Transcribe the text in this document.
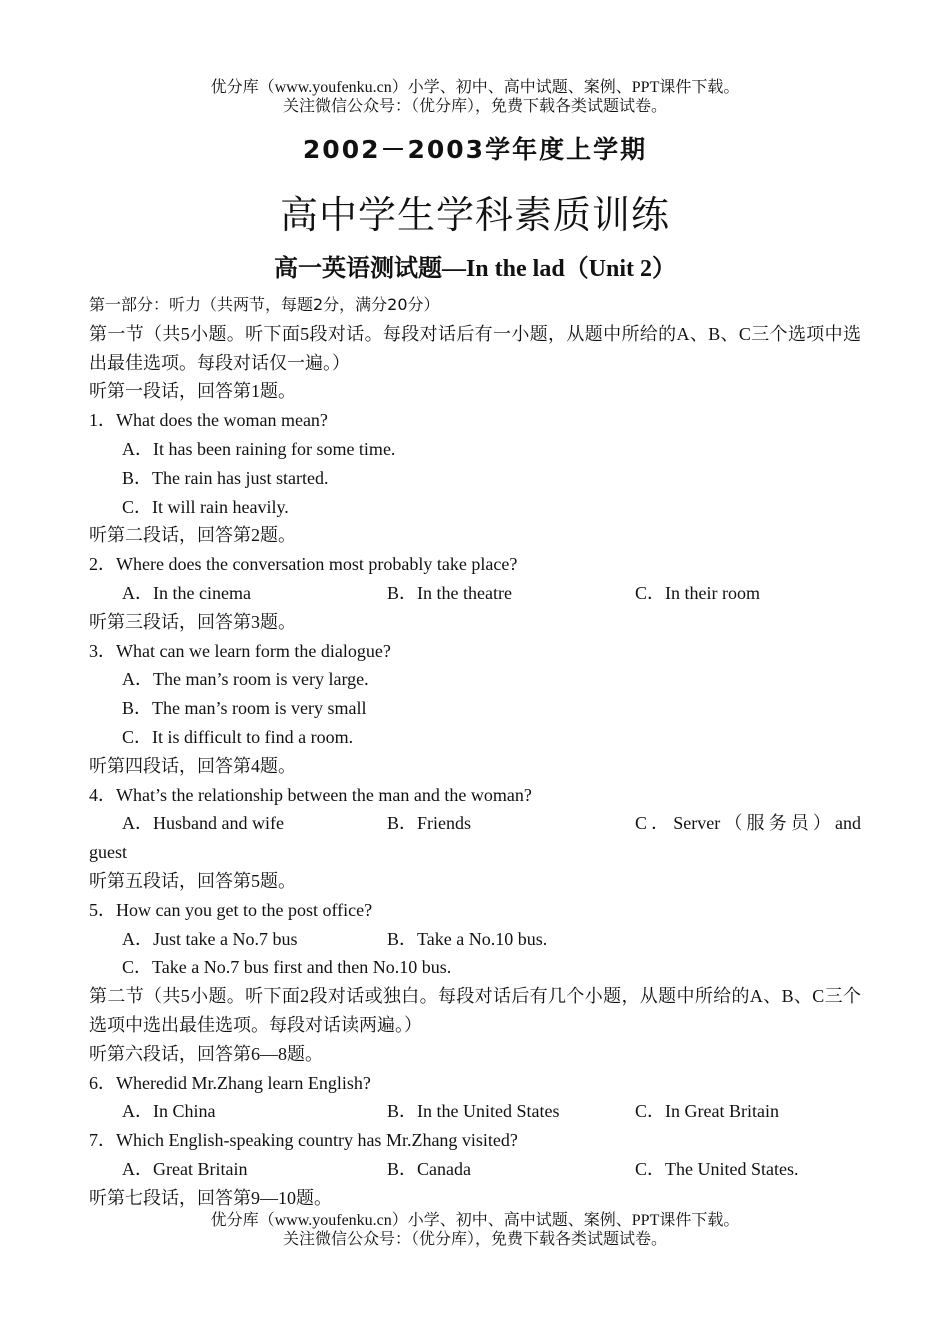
优分库（www.youfenku.cn）小学、初中、高中试题、案例、PPT课件下载。
关注微信公众号：（优分库），免费下载各类试题试卷。
2002－2003学年度上学期
高中学生学科素质训练
高一英语测试题—In the lad（Unit 2）
第一部分：听力（共两节，每题2分，满分20分）
第一节（共5小题。听下面5段对话。每段对话后有一小题，从题中所给的A、B、C三个选项中选出最佳选项。每段对话仅一遍。）
听第一段话，回答第1题。
1．What does the woman mean?
A．It has been raining for some time.
B．The rain has just started.
C．It will rain heavily.
听第二段话，回答第2题。
2．Where does the conversation most probably take place?
A．In the cinema	B．In the theatre	C．In their room
听第三段话，回答第3题。
3．What can we learn form the dialogue?
A．The man’s room is very large.
B．The man’s room is very small
C．It is difficult to find a room.
听第四段话，回答第4题。
4．What’s the relationship between the man and the woman?
A．Husband and wife	B．Friends	C．Server（服务员）and
guest
听第五段话，回答第5题。
5．How can you get to the post office?
A．Just take a No.7 bus	B．Take a No.10 bus.
C．Take a No.7 bus first and then No.10 bus.
第二节（共5小题。听下面2段对话或独白。每段对话后有几个小题，从题中所给的A、B、C三个选项中选出最佳选项。每段对话读两遍。）
听第六段话，回答第6—8题。
6．Wheredid Mr.Zhang learn English?
A．In China	B．In the United States	C．In Great Britain
7．Which English-speaking country has Mr.Zhang visited?
A．Great Britain	B．Canada	C．The United States.
听第七段话，回答第9—10题。
优分库（www.youfenku.cn）小学、初中、高中试题、案例、PPT课件下载。
关注微信公众号：（优分库），免费下载各类试题试卷。
